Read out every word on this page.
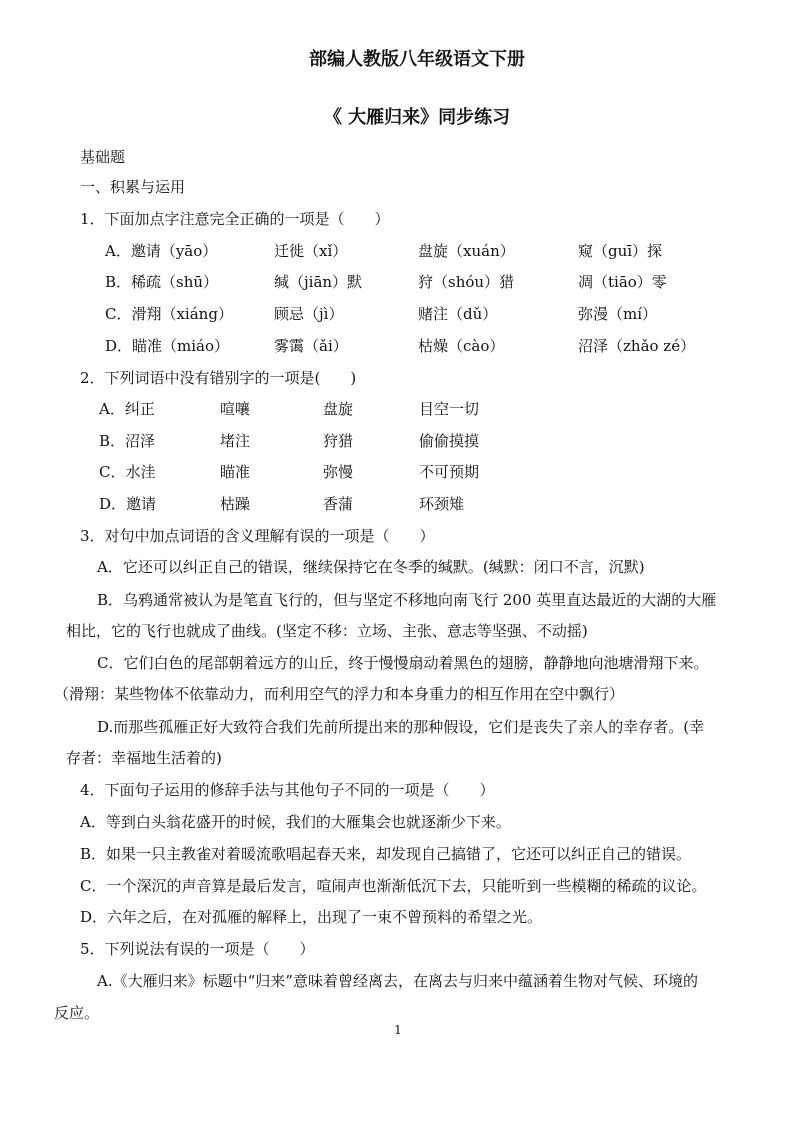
部编人教版八年级语文下册
《 大雁归来》同步练习
基础题
一、积累与运用
1．下面加点字注意完全正确的一项是（　　）
A．邀请（yāo）	迁徙（xǐ）	盘旋（xuán）	窥（guī）探
B．稀疏（shū）	缄（jiān）默	狩（shóu）猎	凋（tiāo）零
C．滑翔（xiáng）	顾忌（jì）	赌注（dǔ）	弥漫（mí）
D．瞄准（miáo）	雾霭（ǎi）	枯燥（cào）	沼泽（zhǎo zé）
2．下列词语中没有错别字的一项是(　　)
A．纠正	喧嚷	盘旋	目空一切
B．沼泽	堵注	狩猎	偷偷摸摸
C．水洼	瞄准	弥慢	不可预期
D．邀请	枯躁	香蒲	环颈雉
3．对句中加点词语的含义理解有误的一项是（　　）
A．它还可以纠正自己的错误，继续保持它在冬季的缄默。(缄默：闭口不言，沉默)
B．乌鸦通常被认为是笔直飞行的，但与坚定不移地向南飞行 200 英里直达最近的大湖的大雁
相比，它的飞行也就成了曲线。(坚定不移：立场、主张、意志等坚强、不动摇)
C．它们白色的尾部朝着远方的山丘，终于慢慢扇动着黑色的翅膀，静静地向池塘滑翔下来。
（滑翔：某些物体不依靠动力，而利用空气的浮力和本身重力的相互作用在空中飘行）
D.而那些孤雁正好大致符合我们先前所提出来的那种假设，它们是丧失了亲人的幸存者。(幸
存者：幸福地生活着的)
4．下面句子运用的修辞手法与其他句子不同的一项是（　　）
A．等到白头翁花盛开的时候，我们的大雁集会也就逐渐少下来。
B．如果一只主教雀对着暖流歌唱起春天来，却发现自己搞错了，它还可以纠正自己的错误。
C．一个深沉的声音算是最后发言，喧闹声也渐渐低沉下去，只能听到一些模糊的稀疏的议论。
D．六年之后，在对孤雁的解释上，出现了一束不曾预料的希望之光。
5．下列说法有误的一项是（　　）
A.《大雁归来》标题中“归来”意味着曾经离去，在离去与归来中蕴涵着生物对气候、环境的
反应。
1
